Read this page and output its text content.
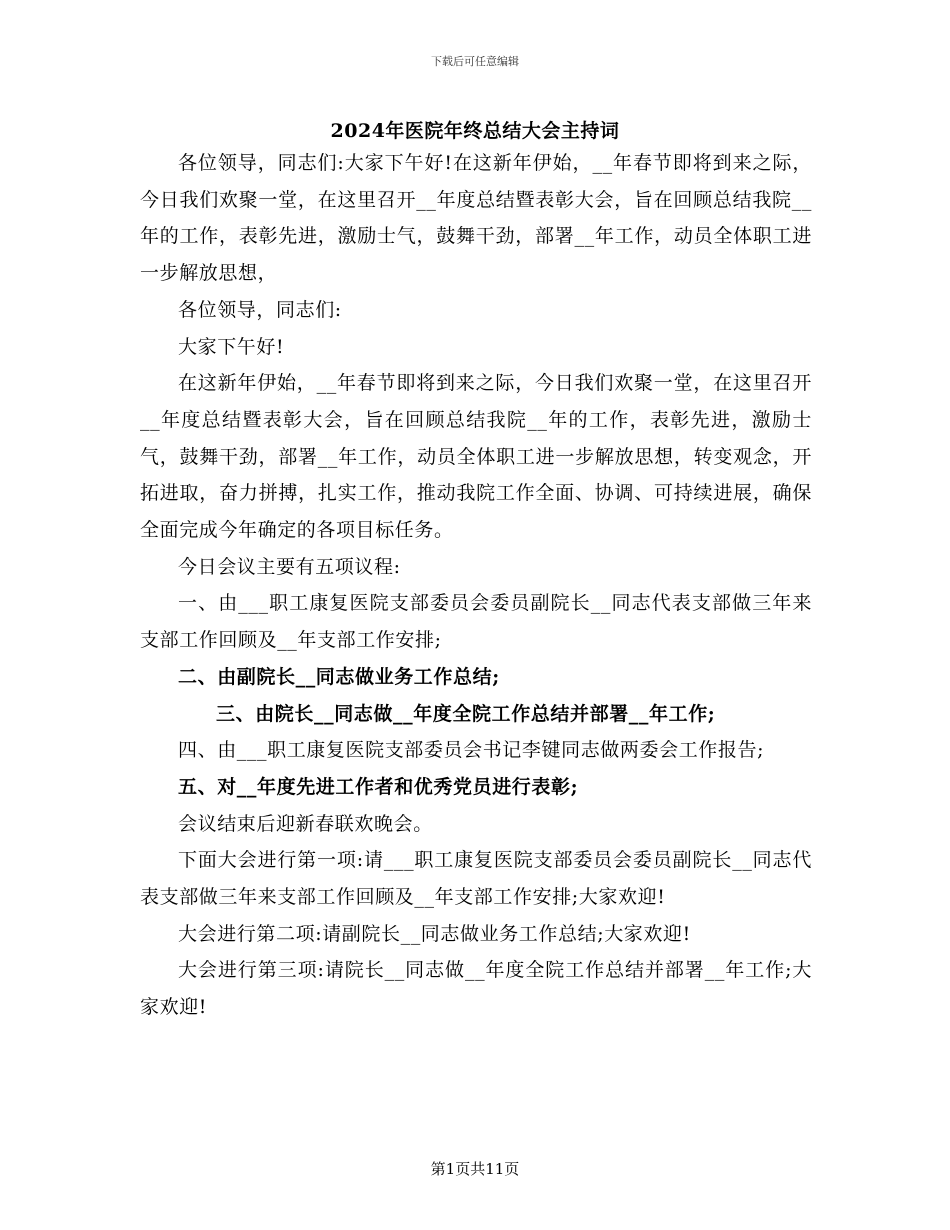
下载后可任意编辑
2024年医院年终总结大会主持词

各位领导，同志们:大家下午好!在这新年伊始，__年春节即将到来之际，今日我们欢聚一堂，在这里召开__年度总结暨表彰大会，旨在回顾总结我院__年的工作，表彰先进，激励士气，鼓舞干劲，部署__年工作，动员全体职工进一步解放思想，

各位领导，同志们:

大家下午好!

在这新年伊始，__年春节即将到来之际，今日我们欢聚一堂，在这里召开__年度总结暨表彰大会，旨在回顾总结我院__年的工作，表彰先进，激励士气，鼓舞干劲，部署__年工作，动员全体职工进一步解放思想，转变观念，开拓进取，奋力拼搏，扎实工作，推动我院工作全面、协调、可持续进展，确保全面完成今年确定的各项目标任务。

今日会议主要有五项议程:

一、由___职工康复医院支部委员会委员副院长__同志代表支部做三年来支部工作回顾及__年支部工作安排;

二、由副院长__同志做业务工作总结;

三、由院长__同志做__年度全院工作总结并部署__年工作;

四、由___职工康复医院支部委员会书记李键同志做两委会工作报告;

五、对__年度先进工作者和优秀党员进行表彰;

会议结束后迎新春联欢晚会。

下面大会进行第一项:请___职工康复医院支部委员会委员副院长__同志代表支部做三年来支部工作回顾及__年支部工作安排;大家欢迎!

大会进行第二项:请副院长__同志做业务工作总结;大家欢迎!

大会进行第三项:请院长__同志做__年度全院工作总结并部署__年工作;大家欢迎!

第1页共11页
